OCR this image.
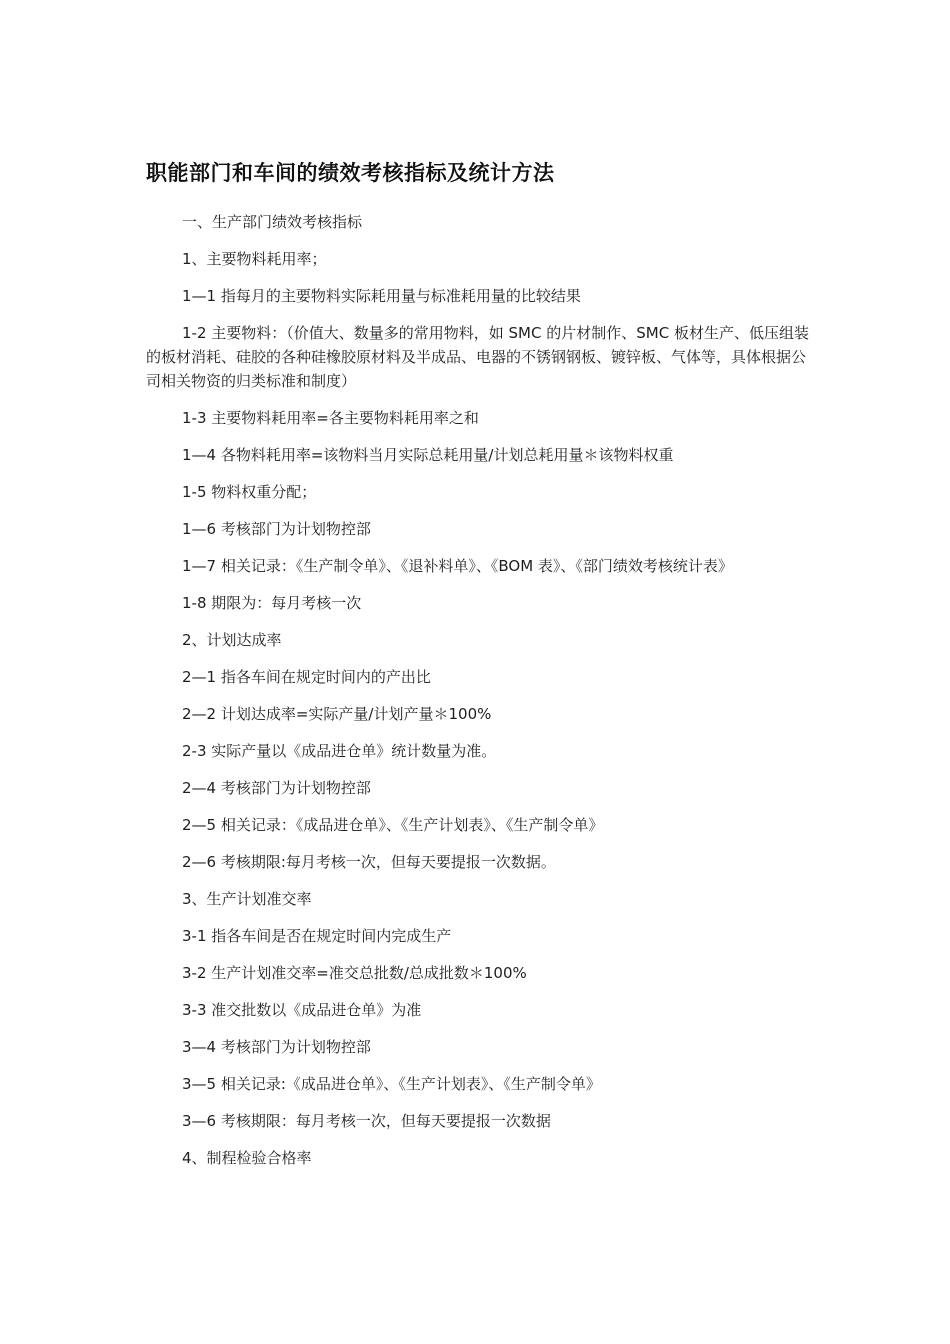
职能部门和车间的绩效考核指标及统计方法

一、生产部门绩效考核指标

1、主要物料耗用率；

1—1 指每月的主要物料实际耗用量与标准耗用量的比较结果

1-2 主要物料：（价值大、数量多的常用物料，如 SMC 的片材制作、SMC 板材生产、低压组装的板材消耗、硅胶的各种硅橡胶原材料及半成品、电器的不锈钢钢板、镀锌板、气体等，具体根据公司相关物资的归类标准和制度）

1-3 主要物料耗用率=各主要物料耗用率之和

1—4 各物料耗用率=该物料当月实际总耗用量/计划总耗用量＊该物料权重

1-5 物料权重分配；

1—6 考核部门为计划物控部

1—7 相关记录：《生产制令单》、《退补料单》、《BOM 表》、《部门绩效考核统计表》

1-8 期限为：每月考核一次

2、计划达成率

2—1 指各车间在规定时间内的产出比

2—2 计划达成率=实际产量/计划产量＊100%

2-3 实际产量以《成品进仓单》统计数量为准。

2—4 考核部门为计划物控部

2—5 相关记录：《成品进仓单》、《生产计划表》、《生产制令单》

2—6 考核期限:每月考核一次，但每天要提报一次数据。

3、生产计划准交率

3-1 指各车间是否在规定时间内完成生产

3-2 生产计划准交率=准交总批数/总成批数＊100%

3-3 准交批数以《成品进仓单》为准

3—4 考核部门为计划物控部

3—5 相关记录:《成品进仓单》、《生产计划表》、《生产制令单》

3—6 考核期限：每月考核一次，但每天要提报一次数据

4、制程检验合格率
